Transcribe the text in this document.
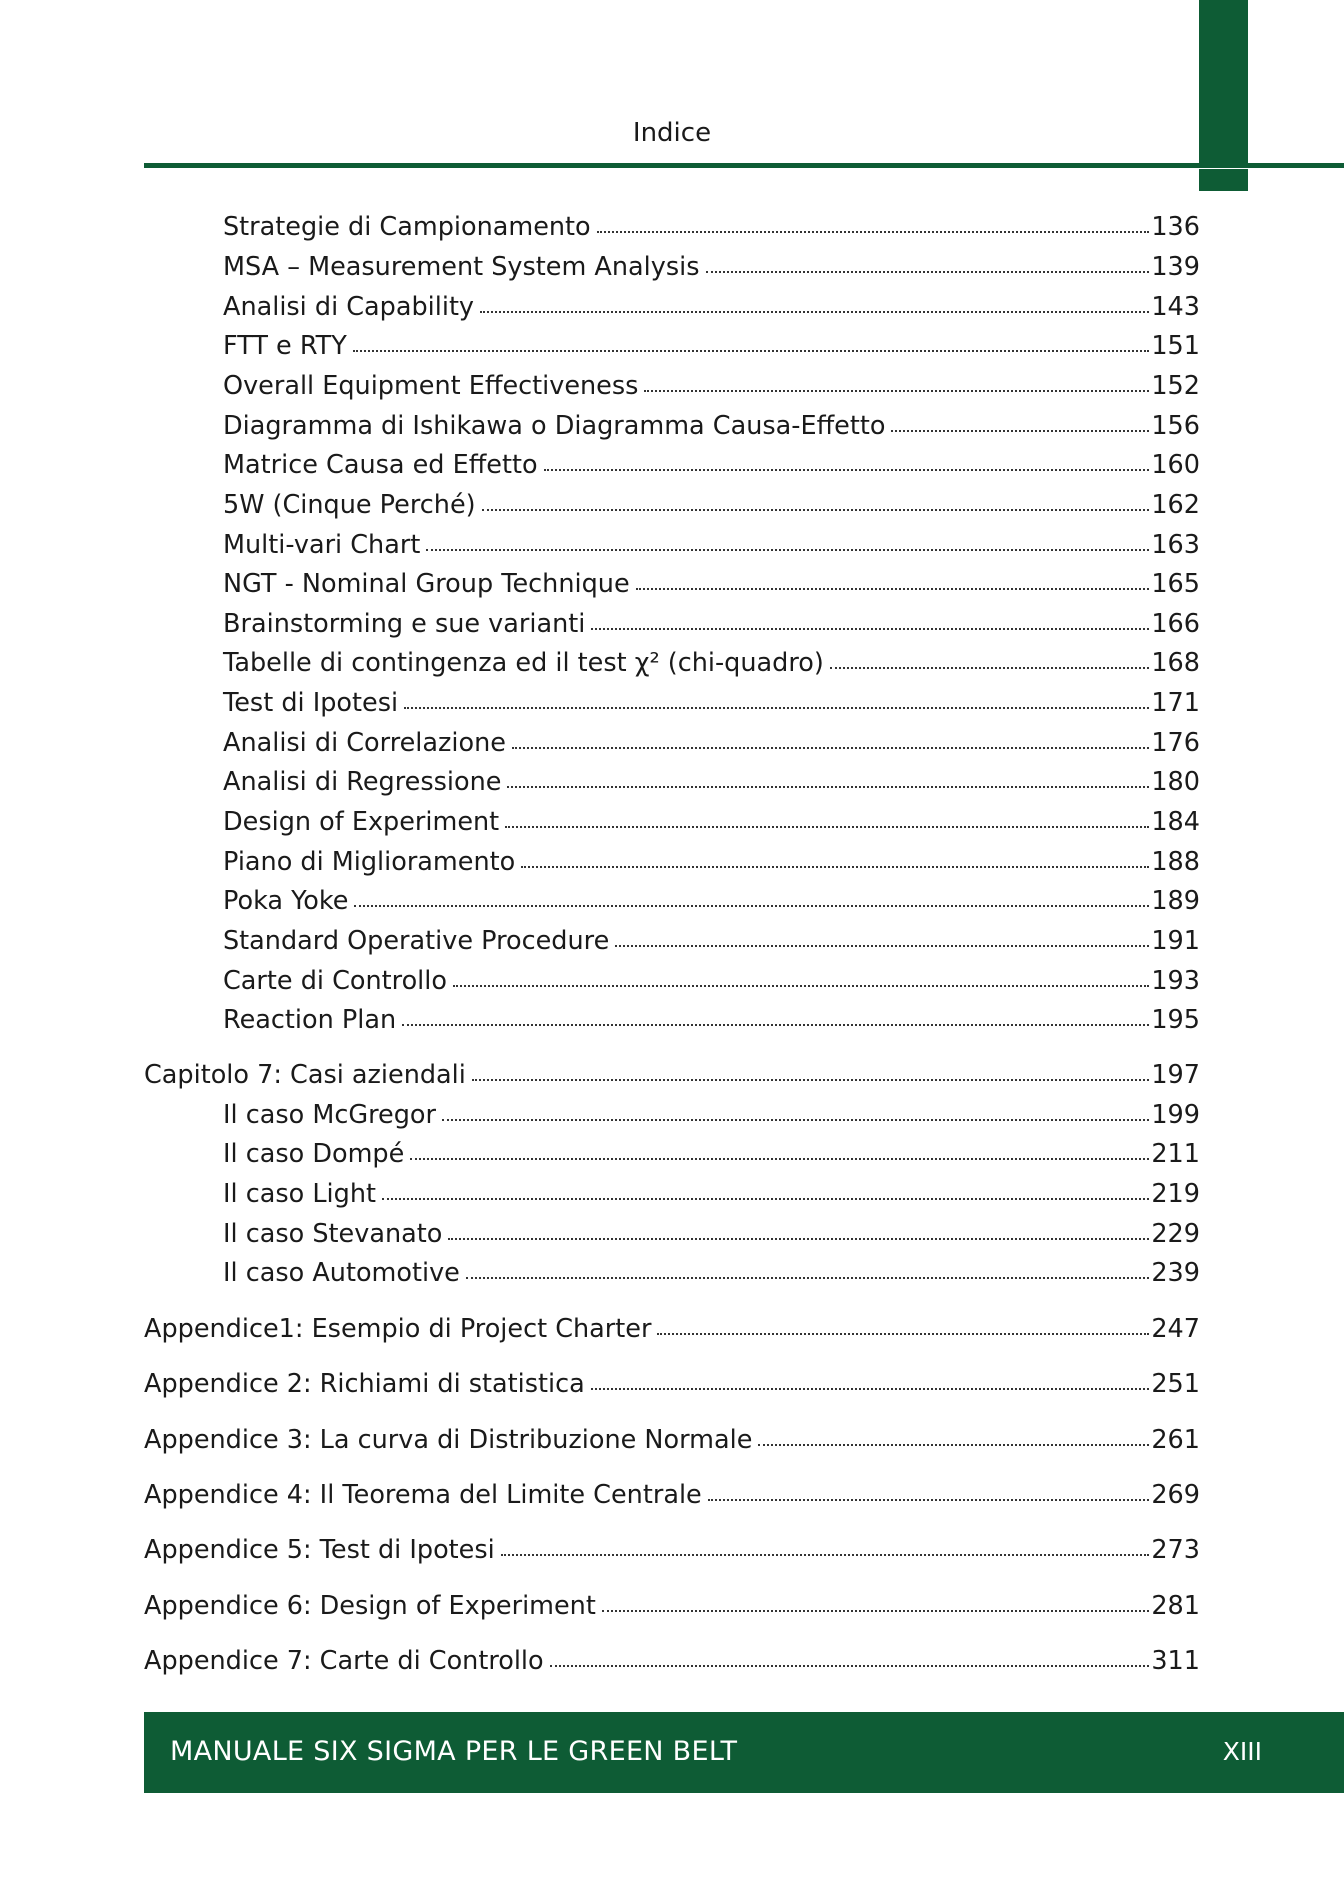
Indice
Strategie di Campionamento	136
MSA – Measurement System Analysis	139
Analisi di Capability	143
FTT e RTY	151
Overall Equipment Effectiveness	152
Diagramma di Ishikawa o Diagramma Causa-Effetto	156
Matrice Causa ed Effetto	160
5W (Cinque Perché)	162
Multi-vari Chart	163
NGT - Nominal Group Technique	165
Brainstorming e sue varianti	166
Tabelle di contingenza ed il test χ² (chi-quadro)	168
Test di Ipotesi	171
Analisi di Correlazione	176
Analisi di Regressione	180
Design of Experiment	184
Piano di Miglioramento	188
Poka Yoke	189
Standard Operative Procedure	191
Carte di Controllo	193
Reaction Plan	195
Capitolo 7: Casi aziendali	197
Il caso McGregor	199
Il caso Dompé	211
Il caso Light	219
Il caso Stevanato	229
Il caso Automotive	239
Appendice1: Esempio di Project Charter	247
Appendice 2: Richiami di statistica	251
Appendice 3: La curva di Distribuzione Normale	261
Appendice 4: Il Teorema del Limite Centrale	269
Appendice 5: Test di Ipotesi	273
Appendice 6: Design of Experiment	281
Appendice 7: Carte di Controllo	311
MANUALE SIX SIGMA PER LE GREEN BELT	XIII
